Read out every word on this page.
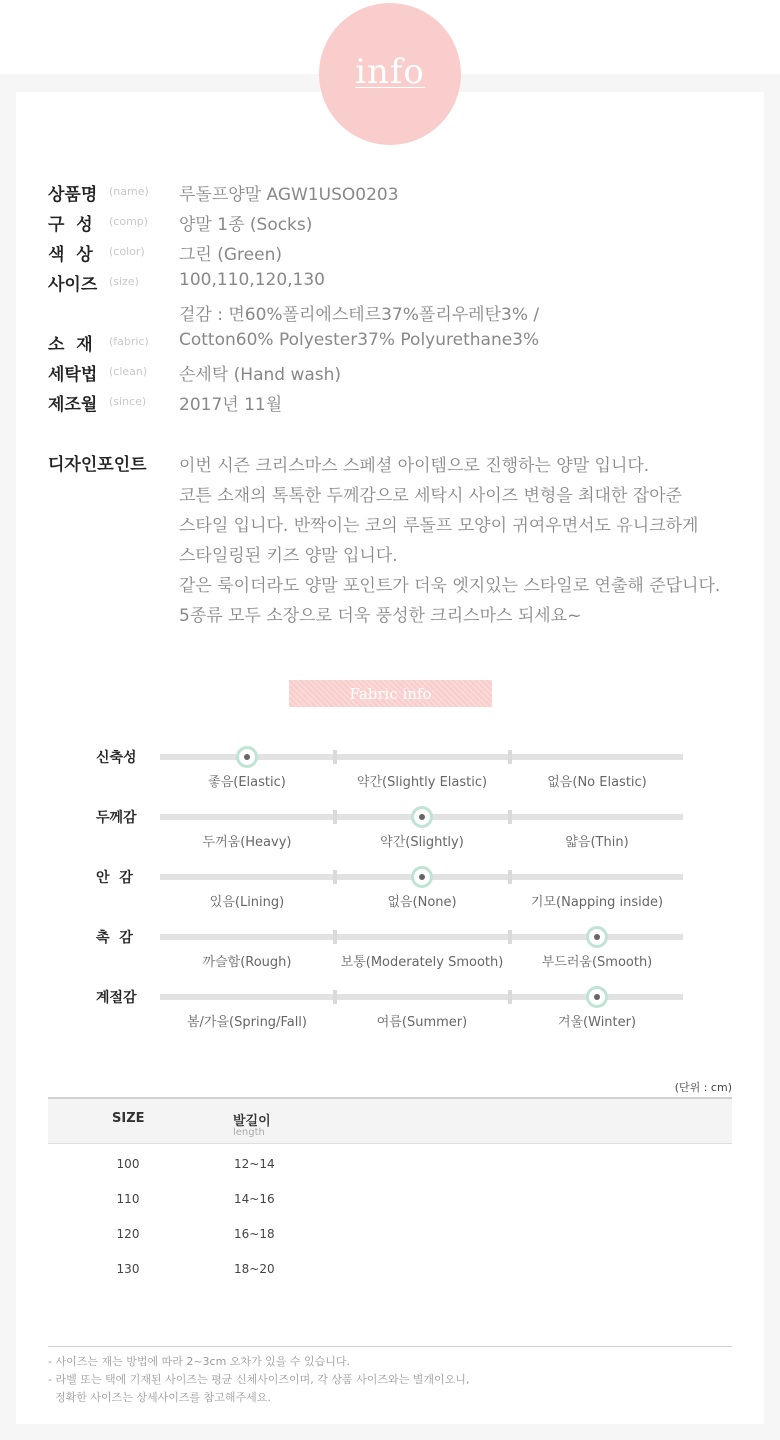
info
상품명	(name) 루돌프양말 AGW1USO0203
구  성	(comp) 양말 1종 (Socks)
색  상	(color) 그린 (Green)
사이즈	(size) 100,110,120,130
겉감 : 면60%폴리에스테르37%폴리우레탄3% /
소  재	(fabric) Cotton60% Polyester37% Polyurethane3%
세탁법	(clean) 손세탁 (Hand wash)
제조월	(since) 2017년 11월
디자인포인트 이번 시즌 크리스마스 스페셜 아이템으로 진행하는 양말 입니다.
코튼 소재의 톡톡한 두께감으로 세탁시 사이즈 변형을 최대한 잡아준
스타일 입니다. 반짝이는 코의 루돌프 모양이 귀여우면서도 유니크하게
스타일링된 키즈 양말 입니다.
같은 룩이더라도 양말 포인트가 더욱 엣지있는 스타일로 연출해 준답니다.
5종류 모두 소장으로 더욱 풍성한 크리스마스 되세요~
Fabric info
신축성
좋음(Elastic)	약간(Slightly Elastic)	없음(No Elastic)
두께감
두꺼움(Heavy)	약간(Slightly)	얇음(Thin)
안  감
있음(Lining)	없음(None)	기모(Napping inside)
촉  감
까슬함(Rough)	보통(Moderately Smooth)	부드러움(Smooth)
계절감
봄/가을(Spring/Fall)	여름(Summer)	겨울(Winter)
(단위 : cm)
SIZE	발길이
length
100	12~14
110	14~16
120	16~18
130	18~20
- 사이즈는 재는 방법에 따라 2~3cm 오차가 있을 수 있습니다.
- 라벨 또는 택에 기재된 사이즈는 평균 신체사이즈이며, 각 상품 사이즈와는 별개이오니,
정확한 사이즈는 상세사이즈를 참고해주세요.
